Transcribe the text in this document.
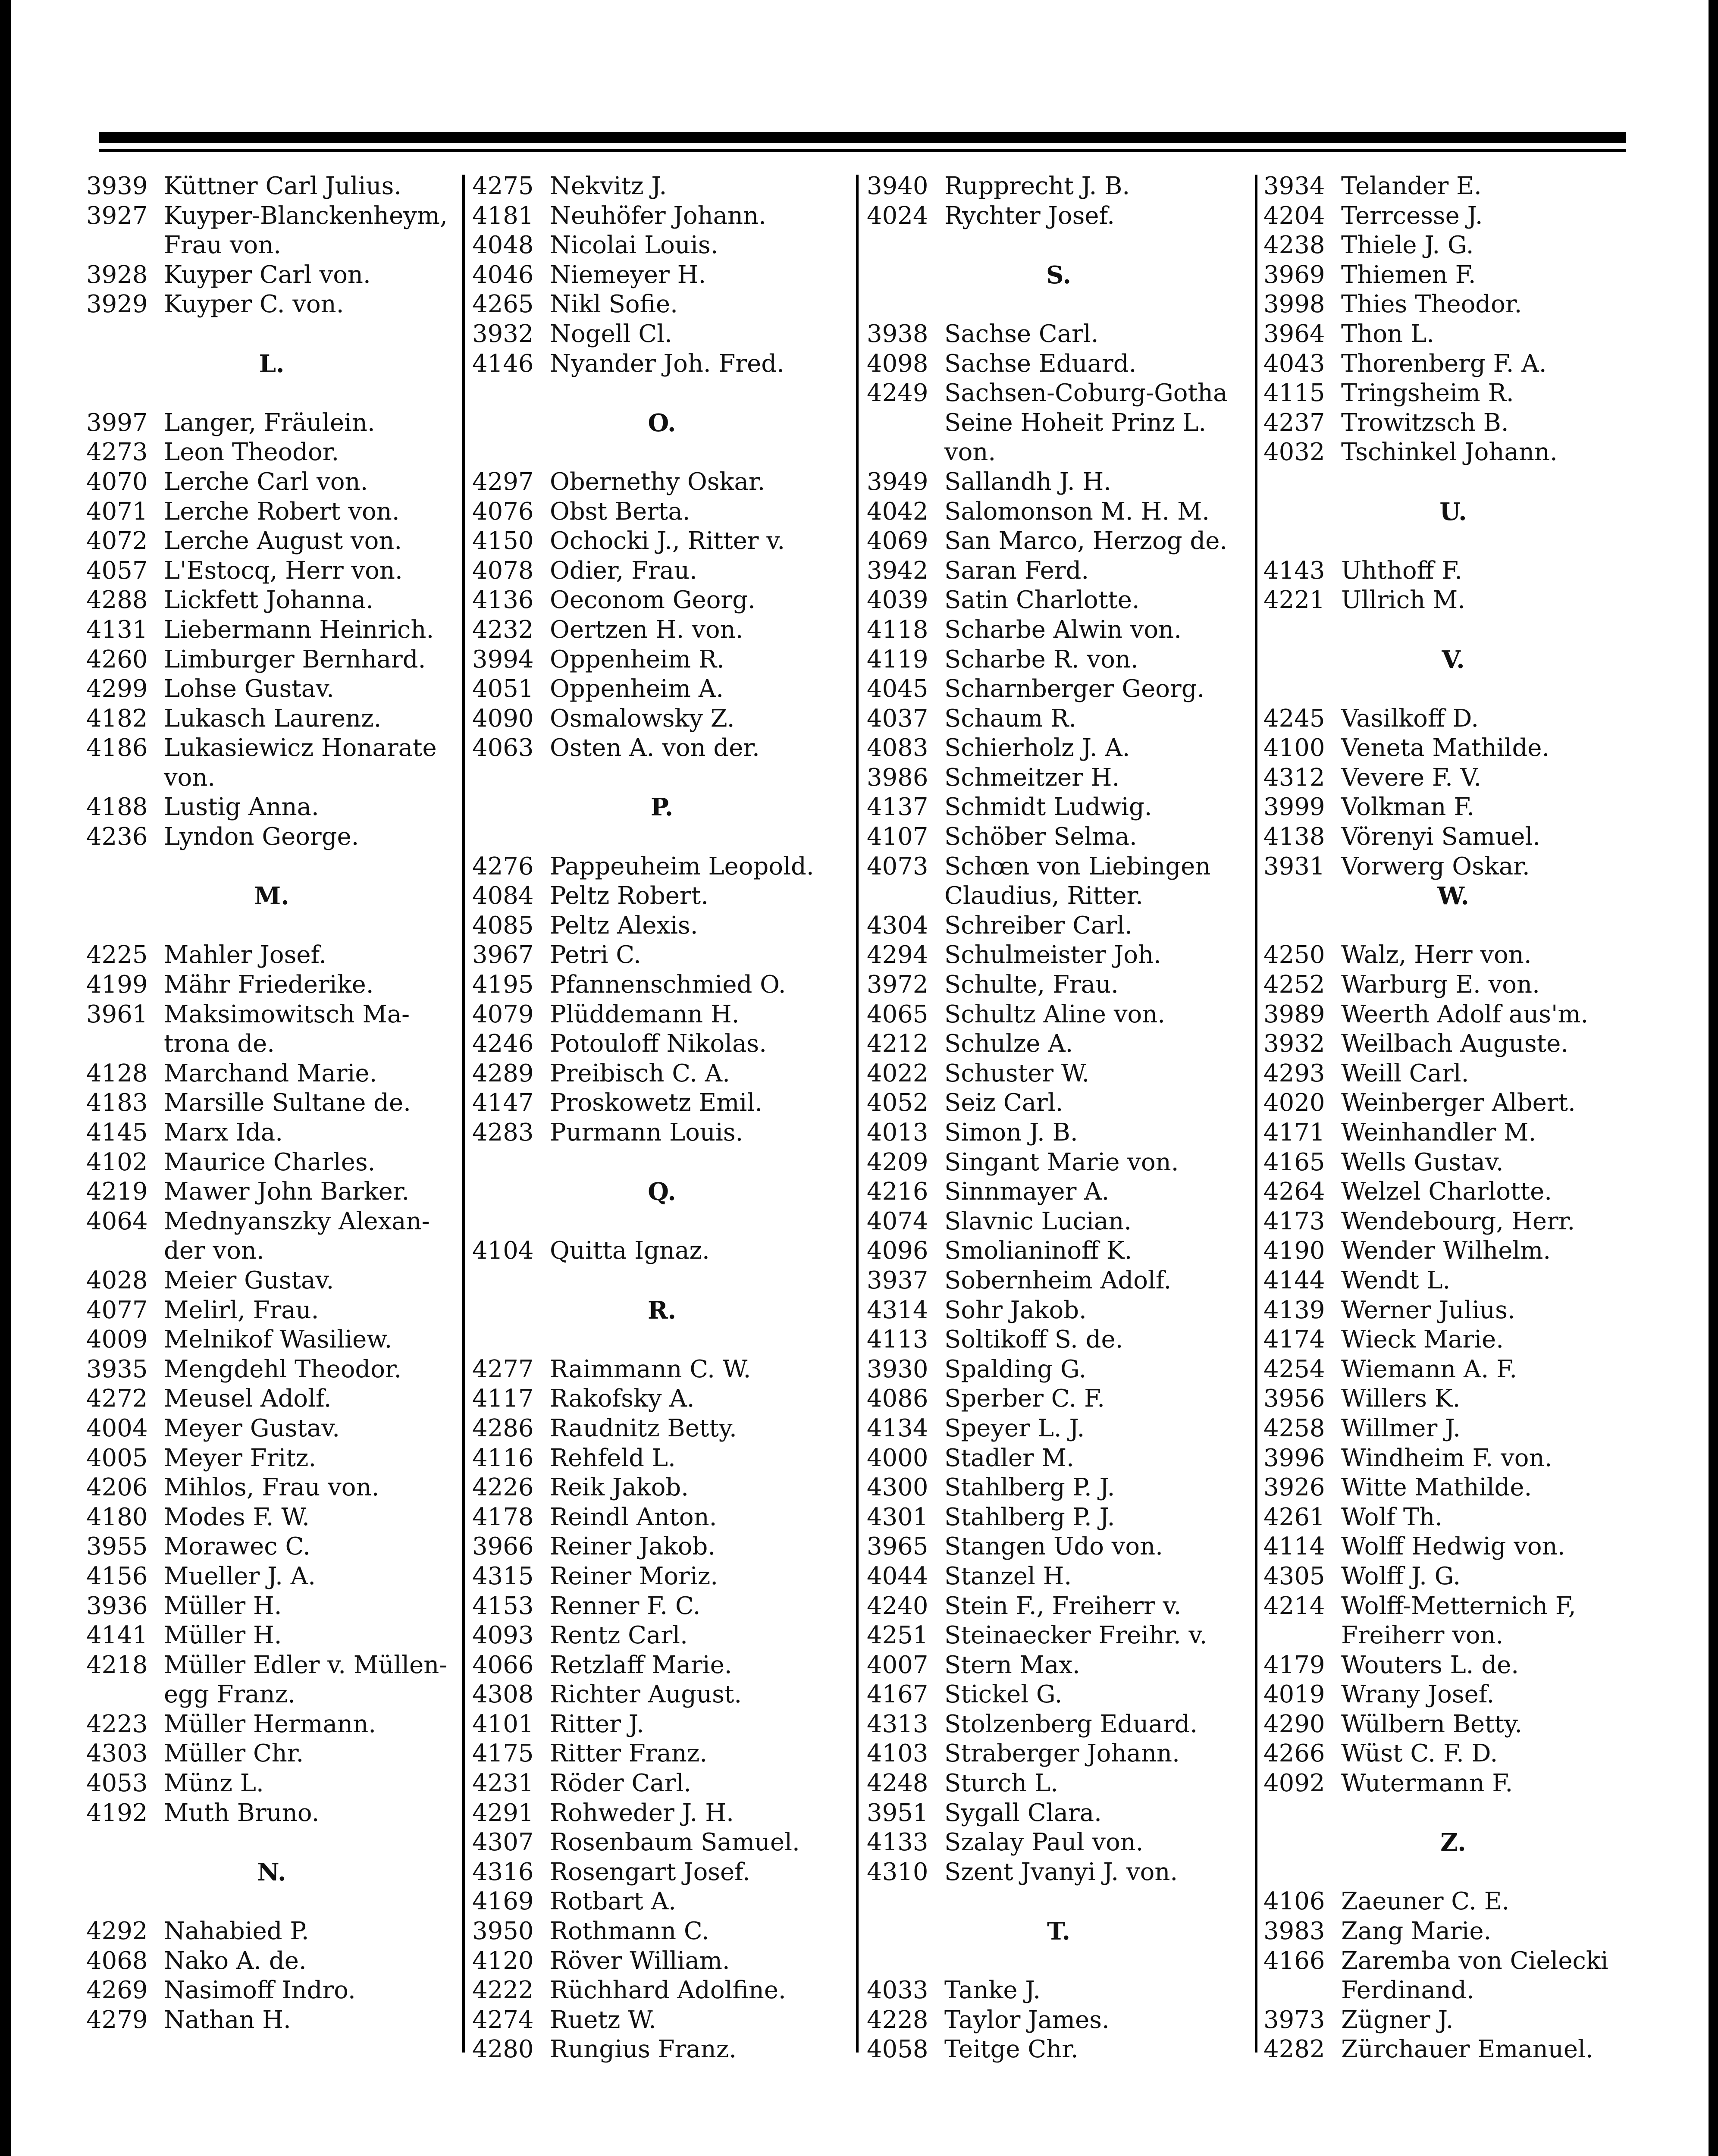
3939 Küttner Carl Julius.
3927 Kuyper-Blanckenheym,
Frau von.
3928 Kuyper Carl von.
3929 Kuyper C. von.
L.
3997 Langer, Fräulein.
4273 Leon Theodor.
4070 Lerche Carl von.
4071 Lerche Robert von.
4072 Lerche August von.
4057 L'Estocq, Herr von.
4288 Lickfett Johanna.
4131 Liebermann Heinrich.
4260 Limburger Bernhard.
4299 Lohse Gustav.
4182 Lukasch Laurenz.
4186 Lukasiewicz Honarate
von.
4188 Lustig Anna.
4236 Lyndon George.
M.
4225 Mahler Josef.
4199 Mähr Friederike.
3961 Maksimowitsch Ma-
trona de.
4128 Marchand Marie.
4183 Marsille Sultane de.
4145 Marx Ida.
4102 Maurice Charles.
4219 Mawer John Barker.
4064 Mednyanszky Alexan-
der von.
4028 Meier Gustav.
4077 Melirl, Frau.
4009 Melnikof Wasiliew.
3935 Mengdehl Theodor.
4272 Meusel Adolf.
4004 Meyer Gustav.
4005 Meyer Fritz.
4206 Mihlos, Frau von.
4180 Modes F. W.
3955 Morawec C.
4156 Mueller J. A.
3936 Müller H.
4141 Müller H.
4218 Müller Edler v. Müllen-
egg Franz.
4223 Müller Hermann.
4303 Müller Chr.
4053 Münz L.
4192 Muth Bruno.
N.
4292 Nahabied P.
4068 Nako A. de.
4269 Nasimoff Indro.
4279 Nathan H.
4275 Nekvitz J.
4181 Neuhöfer Johann.
4048 Nicolai Louis.
4046 Niemeyer H.
4265 Nikl Sofie.
3932 Nogell Cl.
4146 Nyander Joh. Fred.
O.
4297 Obernethy Oskar.
4076 Obst Berta.
4150 Ochocki J., Ritter v.
4078 Odier, Frau.
4136 Oeconom Georg.
4232 Oertzen H. von.
3994 Oppenheim R.
4051 Oppenheim A.
4090 Osmalowsky Z.
4063 Osten A. von der.
P.
4276 Pappeuheim Leopold.
4084 Peltz Robert.
4085 Peltz Alexis.
3967 Petri C.
4195 Pfannenschmied O.
4079 Plüddemann H.
4246 Potouloff Nikolas.
4289 Preibisch C. A.
4147 Proskowetz Emil.
4283 Purmann Louis.
Q.
4104 Quitta Ignaz.
R.
4277 Raimmann C. W.
4117 Rakofsky A.
4286 Raudnitz Betty.
4116 Rehfeld L.
4226 Reik Jakob.
4178 Reindl Anton.
3966 Reiner Jakob.
4315 Reiner Moriz.
4153 Renner F. C.
4093 Rentz Carl.
4066 Retzlaff Marie.
4308 Richter August.
4101 Ritter J.
4175 Ritter Franz.
4231 Röder Carl.
4291 Rohweder J. H.
4307 Rosenbaum Samuel.
4316 Rosengart Josef.
4169 Rotbart A.
3950 Rothmann C.
4120 Röver William.
4222 Rüchhard Adolfine.
4274 Ruetz W.
4280 Rungius Franz.
3940 Rupprecht J. B.
4024 Rychter Josef.
S.
3938 Sachse Carl.
4098 Sachse Eduard.
4249 Sachsen-Coburg-Gotha
Seine Hoheit Prinz L.
von.
3949 Sallandh J. H.
4042 Salomonson M. H. M.
4069 San Marco, Herzog de.
3942 Saran Ferd.
4039 Satin Charlotte.
4118 Scharbe Alwin von.
4119 Scharbe R. von.
4045 Scharnberger Georg.
4037 Schaum R.
4083 Schierholz J. A.
3986 Schmeitzer H.
4137 Schmidt Ludwig.
4107 Schöber Selma.
4073 Schœn von Liebingen
Claudius, Ritter.
4304 Schreiber Carl.
4294 Schulmeister Joh.
3972 Schulte, Frau.
4065 Schultz Aline von.
4212 Schulze A.
4022 Schuster W.
4052 Seiz Carl.
4013 Simon J. B.
4209 Singant Marie von.
4216 Sinnmayer A.
4074 Slavnic Lucian.
4096 Smolianinoff K.
3937 Sobernheim Adolf.
4314 Sohr Jakob.
4113 Soltikoff S. de.
3930 Spalding G.
4086 Sperber C. F.
4134 Speyer L. J.
4000 Stadler M.
4300 Stahlberg P. J.
4301 Stahlberg P. J.
3965 Stangen Udo von.
4044 Stanzel H.
4240 Stein F., Freiherr v.
4251 Steinaecker Freihr. v.
4007 Stern Max.
4167 Stickel G.
4313 Stolzenberg Eduard.
4103 Straberger Johann.
4248 Sturch L.
3951 Sygall Clara.
4133 Szalay Paul von.
4310 Szent Jvanyi J. von.
T.
4033 Tanke J.
4228 Taylor James.
4058 Teitge Chr.
3934 Telander E.
4204 Terrcesse J.
4238 Thiele J. G.
3969 Thiemen F.
3998 Thies Theodor.
3964 Thon L.
4043 Thorenberg F. A.
4115 Tringsheim R.
4237 Trowitzsch B.
4032 Tschinkel Johann.
U.
4143 Uhthoff F.
4221 Ullrich M.
V.
4245 Vasilkoff D.
4100 Veneta Mathilde.
4312 Vevere F. V.
3999 Volkman F.
4138 Vörenyi Samuel.
3931 Vorwerg Oskar.
W.
4250 Walz, Herr von.
4252 Warburg E. von.
3989 Weerth Adolf aus'm.
3932 Weilbach Auguste.
4293 Weill Carl.
4020 Weinberger Albert.
4171 Weinhandler M.
4165 Wells Gustav.
4264 Welzel Charlotte.
4173 Wendebourg, Herr.
4190 Wender Wilhelm.
4144 Wendt L.
4139 Werner Julius.
4174 Wieck Marie.
4254 Wiemann A. F.
3956 Willers K.
4258 Willmer J.
3996 Windheim F. von.
3926 Witte Mathilde.
4261 Wolf Th.
4114 Wolff Hedwig von.
4305 Wolff J. G.
4214 Wolff-Metternich F,
Freiherr von.
4179 Wouters L. de.
4019 Wrany Josef.
4290 Wülbern Betty.
4266 Wüst C. F. D.
4092 Wutermann F.
Z.
4106 Zaeuner C. E.
3983 Zang Marie.
4166 Zaremba von Cielecki
Ferdinand.
3973 Zügner J.
4282 Zürchauer Emanuel.
